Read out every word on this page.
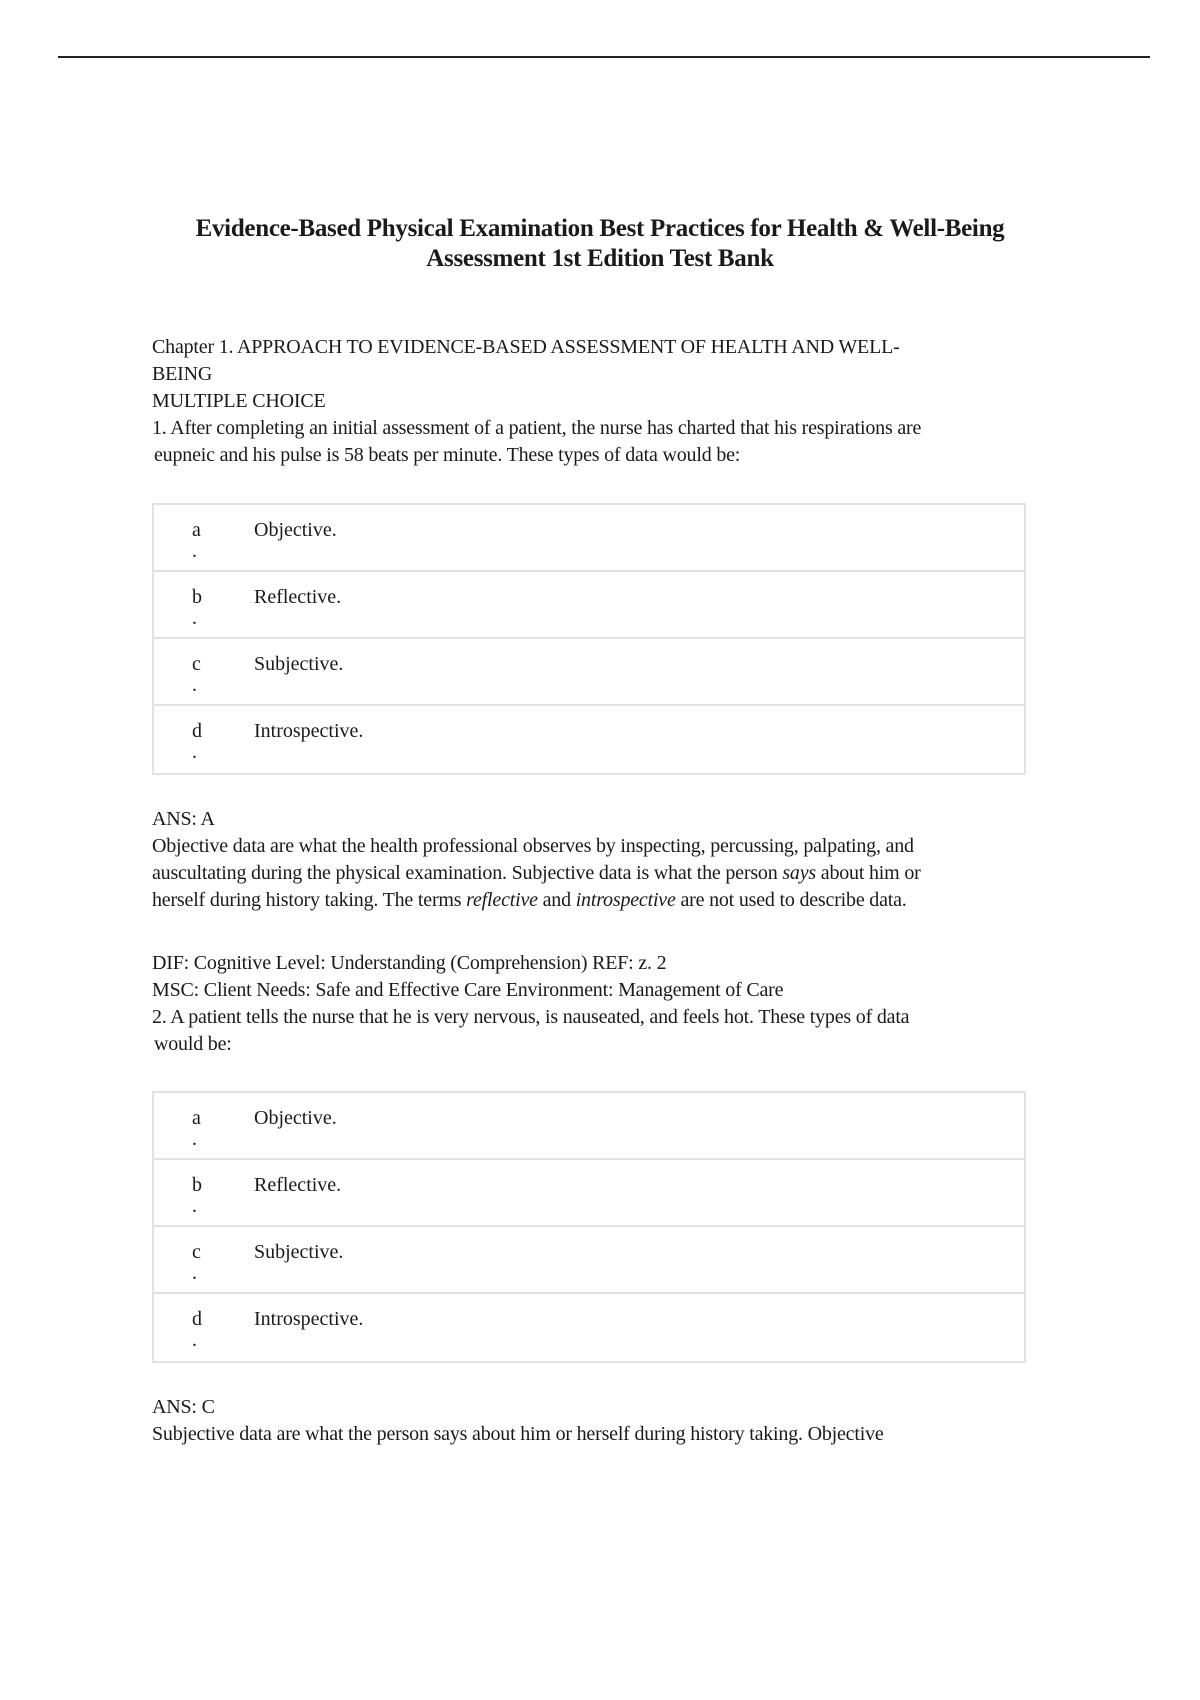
Evidence-Based Physical Examination Best Practices for Health & Well-Being
Assessment 1st Edition Test Bank
Chapter 1. APPROACH TO EVIDENCE-BASED ASSESSMENT OF HEALTH AND WELL-
BEING
MULTIPLE CHOICE
1. After completing an initial assessment of a patient, the nurse has charted that his respirations are
eupneic and his pulse is 58 beats per minute. These types of data would be:
a
.
Objective.
b
.
Reflective.
c
.
Subjective.
d
.
Introspective.
ANS: A
Objective data are what the health professional observes by inspecting, percussing, palpating, and
auscultating during the physical examination. Subjective data is what the person says about him or
herself during history taking. The terms reflective and introspective are not used to describe data.
DIF: Cognitive Level: Understanding (Comprehension) REF: z. 2
MSC: Client Needs: Safe and Effective Care Environment: Management of Care
2. A patient tells the nurse that he is very nervous, is nauseated, and feels hot. These types of data
would be:
a
.
Objective.
b
.
Reflective.
c
.
Subjective.
d
.
Introspective.
ANS: C
Subjective data are what the person says about him or herself during history taking. Objective
